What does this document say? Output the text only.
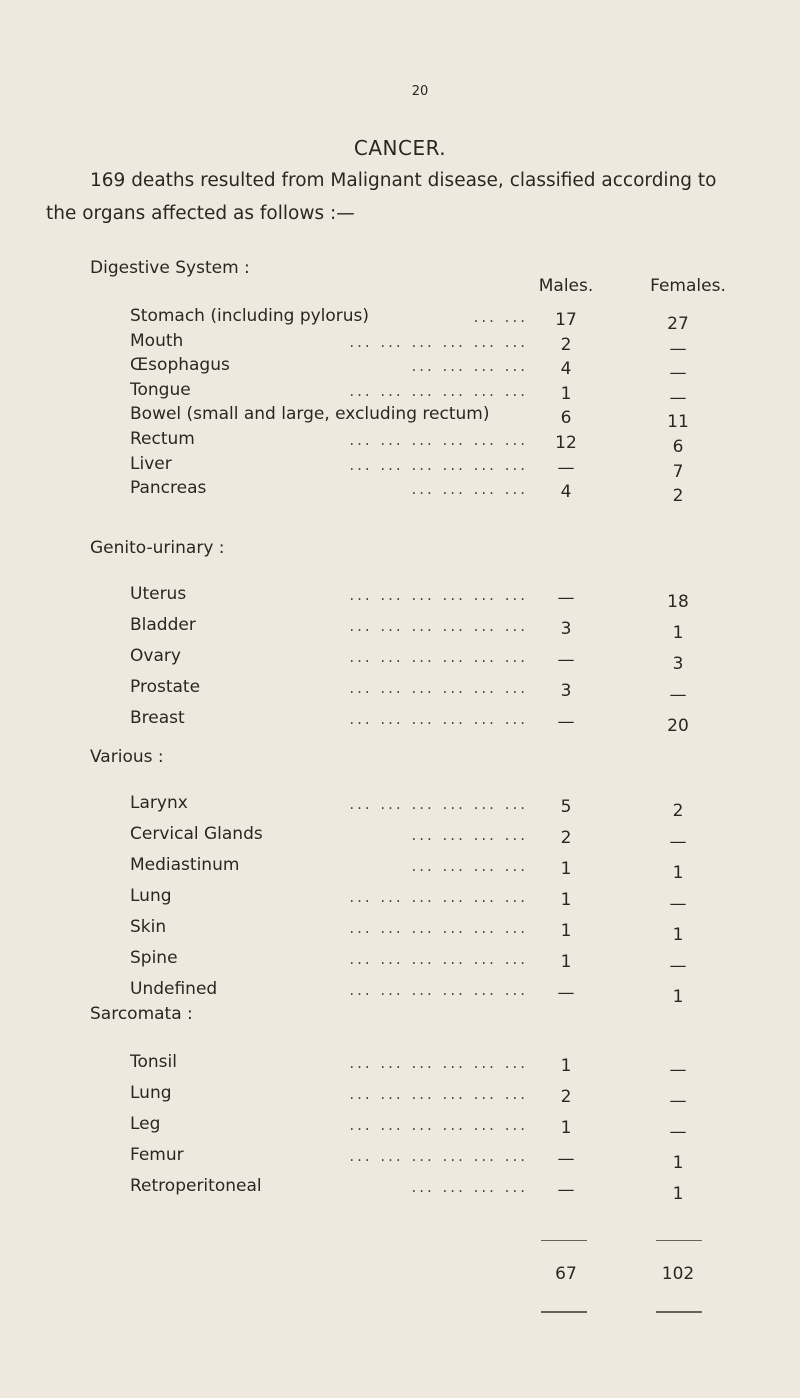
20
CANCER.
169 deaths resulted from Malignant disease, classified according to
the organs affected as follows :—
Males.	Females.
Digestive System :
Stomach (including pylorus)	... ...	17	27
Mouth	... ... ... ... ... ...	2	—
Œsophagus	... ... ... ...	4	—
Tongue	... ... ... ... ... ...	1	—
Bowel (small and large, excluding rectum)	6	11
Rectum	... ... ... ... ... ...	12	6
Liver	... ... ... ... ... ...	—	7
Pancreas	... ... ... ...	4	2
Genito-urinary :
Uterus	... ... ... ... ... ...	—	18
Bladder	... ... ... ... ... ...	3	1
Ovary	... ... ... ... ... ...	—	3
Prostate	... ... ... ... ... ...	3	—
Breast	... ... ... ... ... ...	—	20
Various :
Larynx	... ... ... ... ... ...	5	2
Cervical Glands	... ... ... ...	2	—
Mediastinum	... ... ... ...	1	1
Lung	... ... ... ... ... ...	1	—
Skin	... ... ... ... ... ...	1	1
Spine	... ... ... ... ... ...	1	—
Undefined	... ... ... ... ... ...	—	1
Sarcomata :
Tonsil	... ... ... ... ... ...	1	—
Lung	... ... ... ... ... ...	2	—
Leg	... ... ... ... ... ...	1	—
Femur	... ... ... ... ... ...	—	1
Retroperitoneal	... ... ... ...	—	1
67	102
